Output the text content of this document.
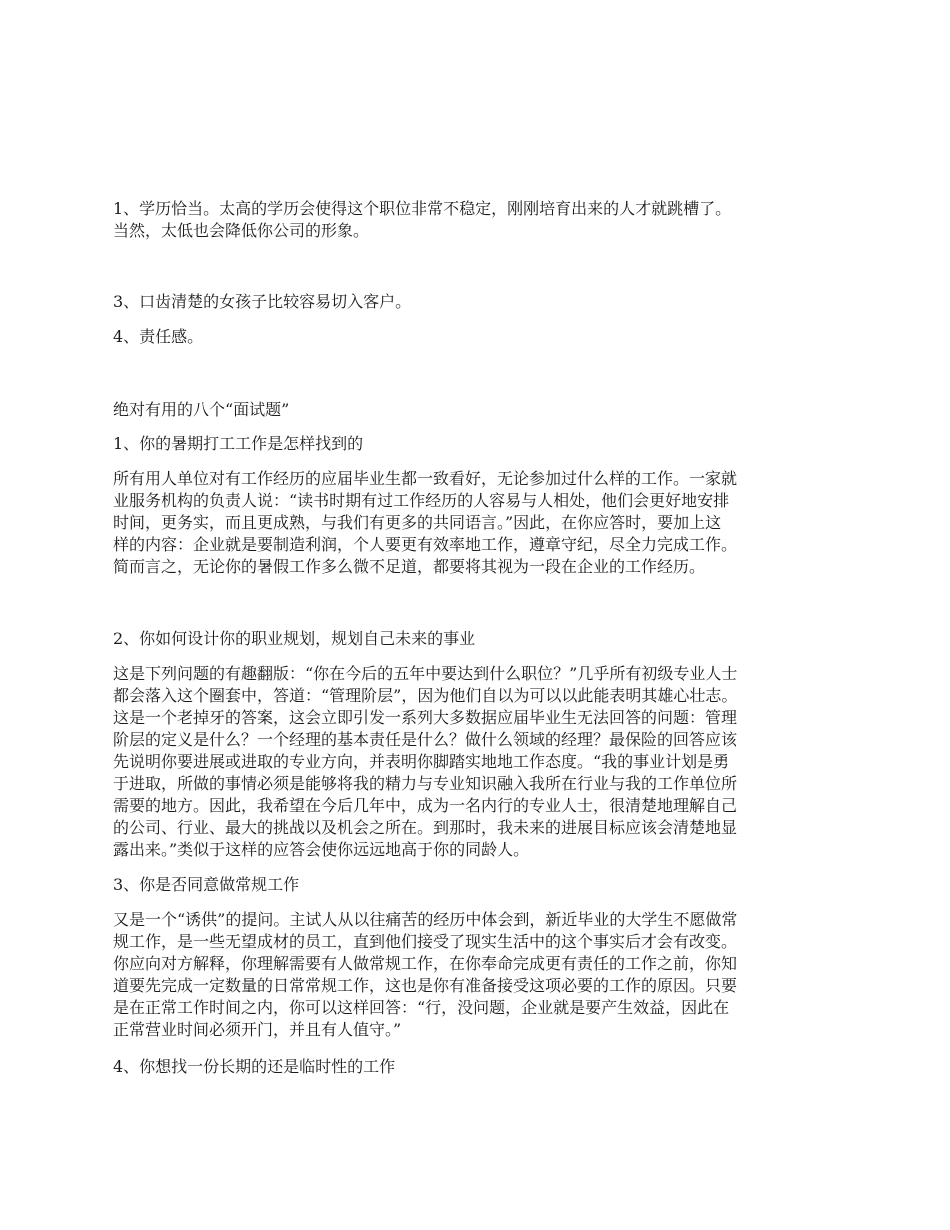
1、学历恰当。太高的学历会使得这个职位非常不稳定，刚刚培育出来的人才就跳槽了。
当然，太低也会降低你公司的形象。
3、口齿清楚的女孩子比较容易切入客户。
4、责任感。
绝对有用的八个“面试题”
1、你的暑期打工工作是怎样找到的
所有用人单位对有工作经历的应届毕业生都一致看好，无论参加过什么样的工作。一家就
业服务机构的负责人说：“读书时期有过工作经历的人容易与人相处，他们会更好地安排
时间，更务实，而且更成熟，与我们有更多的共同语言。”因此，在你应答时，要加上这
样的内容：企业就是要制造利润，个人要更有效率地工作，遵章守纪，尽全力完成工作。
简而言之，无论你的暑假工作多么微不足道，都要将其视为一段在企业的工作经历。
2、你如何设计你的职业规划，规划自己未来的事业
这是下列问题的有趣翻版：“你在今后的五年中要达到什么职位？”几乎所有初级专业人士
都会落入这个圈套中，答道：“管理阶层”，因为他们自以为可以以此能表明其雄心壮志。
这是一个老掉牙的答案，这会立即引发一系列大多数据应届毕业生无法回答的问题：管理
阶层的定义是什么？一个经理的基本责任是什么？做什么领域的经理？最保险的回答应该
先说明你要进展或进取的专业方向，并表明你脚踏实地地工作态度。“我的事业计划是勇
于进取，所做的事情必须是能够将我的精力与专业知识融入我所在行业与我的工作单位所
需要的地方。因此，我希望在今后几年中，成为一名内行的专业人士，很清楚地理解自己
的公司、行业、最大的挑战以及机会之所在。到那时，我未来的进展目标应该会清楚地显
露出来。”类似于这样的应答会使你远远地高于你的同龄人。
3、你是否同意做常规工作
又是一个“诱供”的提问。主试人从以往痛苦的经历中体会到，新近毕业的大学生不愿做常
规工作，是一些无望成材的员工，直到他们接受了现实生活中的这个事实后才会有改变。
你应向对方解释，你理解需要有人做常规工作，在你奉命完成更有责任的工作之前，你知
道要先完成一定数量的日常常规工作，这也是你有准备接受这项必要的工作的原因。只要
是在正常工作时间之内，你可以这样回答：“行，没问题，企业就是要产生效益，因此在
正常营业时间必须开门，并且有人值守。”
4、你想找一份长期的还是临时性的工作
